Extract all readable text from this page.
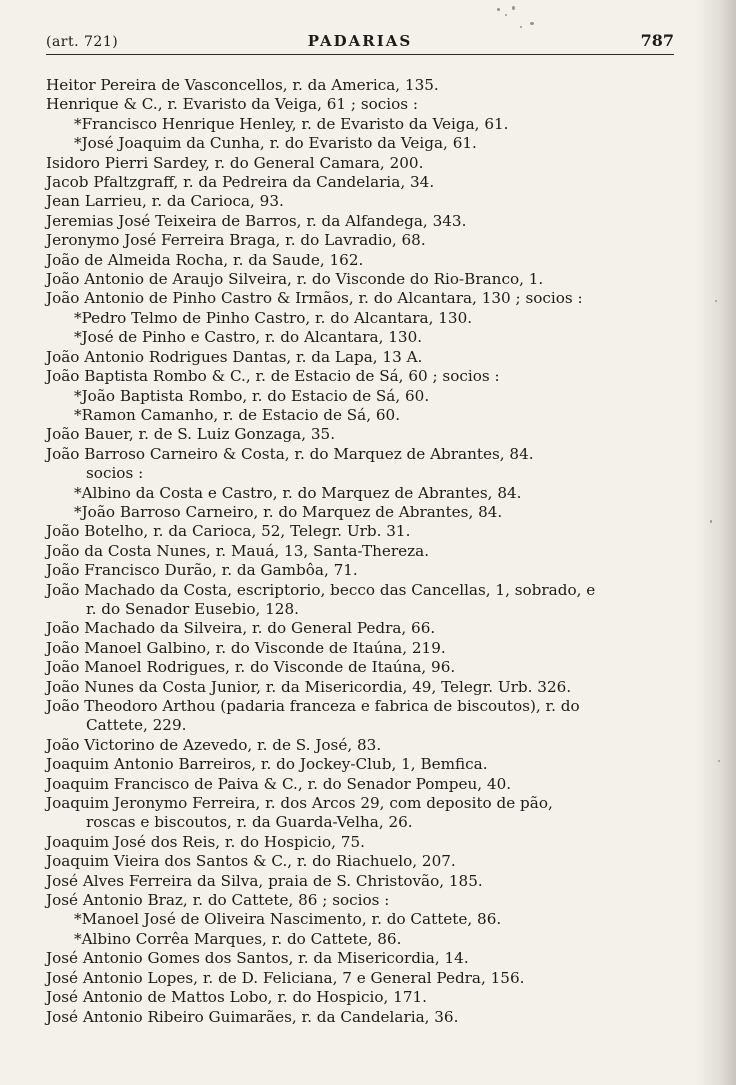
(art. 721)	PADARIAS	787
Heitor Pereira de Vasconcellos, r. da America, 135.
Henrique & C., r. Evaristo da Veiga, 61 ; socios :
*Francisco Henrique Henley, r. de Evaristo da Veiga, 61.
*José Joaquim da Cunha, r. do Evaristo da Veiga, 61.
Isidoro Pierri Sardey, r. do General Camara, 200.
Jacob Pfaltzgraff, r. da Pedreira da Candelaria, 34.
Jean Larrieu, r. da Carioca, 93.
Jeremias José Teixeira de Barros, r. da Alfandega, 343.
Jeronymo José Ferreira Braga, r. do Lavradio, 68.
João de Almeida Rocha, r. da Saude, 162.
João Antonio de Araujo Silveira, r. do Visconde do Rio-Branco, 1.
João Antonio de Pinho Castro & Irmãos, r. do Alcantara, 130 ; socios :
*Pedro Telmo de Pinho Castro, r. do Alcantara, 130.
*José de Pinho e Castro, r. do Alcantara, 130.
João Antonio Rodrigues Dantas, r. da Lapa, 13 A.
João Baptista Rombo & C., r. de Estacio de Sá, 60 ; socios :
*João Baptista Rombo, r. do Estacio de Sá, 60.
*Ramon Camanho, r. de Estacio de Sá, 60.
João Bauer, r. de S. Luiz Gonzaga, 35.
João Barroso Carneiro & Costa, r. do Marquez de Abrantes, 84.
socios :
*Albino da Costa e Castro, r. do Marquez de Abrantes, 84.
*João Barroso Carneiro, r. do Marquez de Abrantes, 84.
João Botelho, r. da Carioca, 52, Telegr. Urb. 31.
João da Costa Nunes, r. Mauá, 13, Santa-Thereza.
João Francisco Durão, r. da Gambôa, 71.
João Machado da Costa, escriptorio, becco das Cancellas, 1, sobrado, e
r. do Senador Eusebio, 128.
João Machado da Silveira, r. do General Pedra, 66.
João Manoel Galbino, r. do Visconde de Itaúna, 219.
João Manoel Rodrigues, r. do Visconde de Itaúna, 96.
João Nunes da Costa Junior, r. da Misericordia, 49, Telegr. Urb. 326.
João Theodoro Arthou (padaria franceza e fabrica de biscoutos), r. do
Cattete, 229.
João Victorino de Azevedo, r. de S. José, 83.
Joaquim Antonio Barreiros, r. do Jockey-Club, 1, Bemfica.
Joaquim Francisco de Paiva & C., r. do Senador Pompeu, 40.
Joaquim Jeronymo Ferreira, r. dos Arcos 29, com deposito de pão,
roscas e biscoutos, r. da Guarda-Velha, 26.
Joaquim José dos Reis, r. do Hospicio, 75.
Joaquim Vieira dos Santos & C., r. do Riachuelo, 207.
José Alves Ferreira da Silva, praia de S. Christovão, 185.
José Antonio Braz, r. do Cattete, 86 ; socios :
*Manoel José de Oliveira Nascimento, r. do Cattete, 86.
*Albino Corrêa Marques, r. do Cattete, 86.
José Antonio Gomes dos Santos, r. da Misericordia, 14.
José Antonio Lopes, r. de D. Feliciana, 7 e General Pedra, 156.
José Antonio de Mattos Lobo, r. do Hospicio, 171.
José Antonio Ribeiro Guimarães, r. da Candelaria, 36.
